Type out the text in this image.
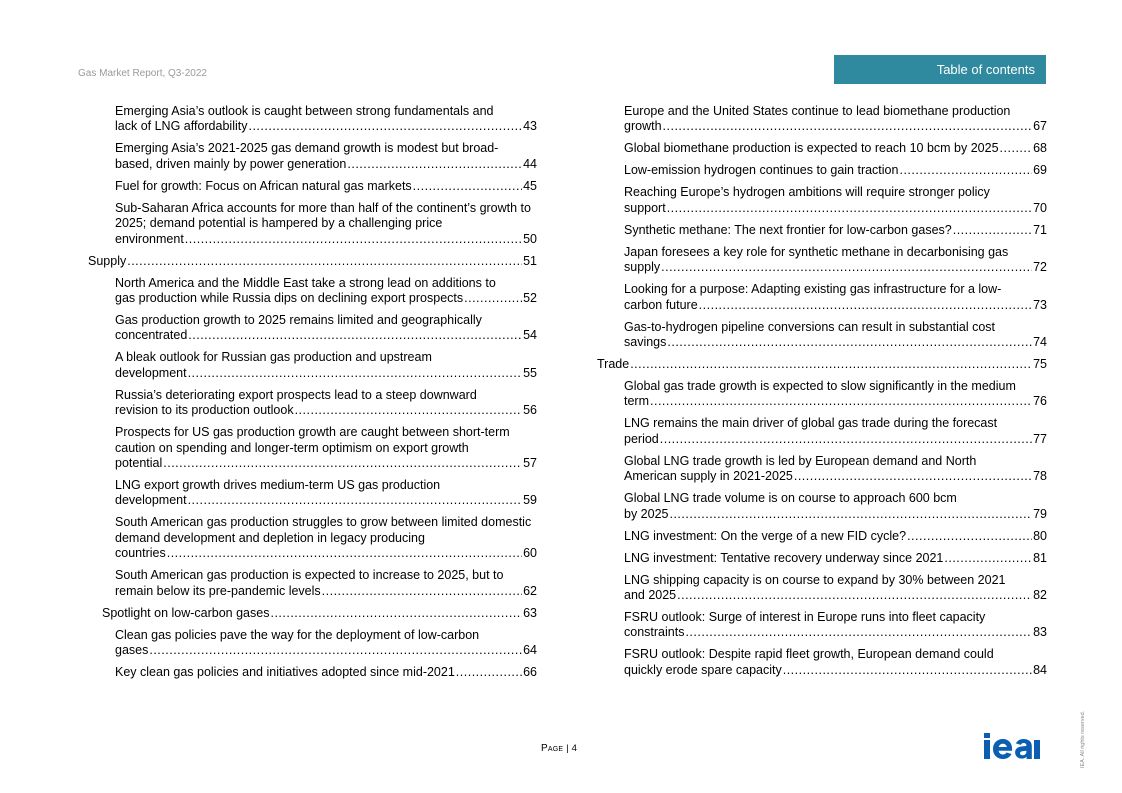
Gas Market Report, Q3-2022	Table of contents
Emerging Asia’s outlook is caught between strong fundamentals and
lack of LNG affordability .....	43
Emerging Asia’s 2021-2025 gas demand growth is modest but broad-
based, driven mainly by power generation .....	44
Fuel for growth: Focus on African natural gas markets .....	45
Sub-Saharan Africa accounts for more than half of the continent’s growth to 2025; demand potential is hampered by a challenging price
environment .....	50
Supply .....	51
North America and the Middle East take a strong lead on additions to
gas production while Russia dips on declining export prospects .....	52
Gas production growth to 2025 remains limited and geographically
concentrated .....	54
A bleak outlook for Russian gas production and upstream
development .....	55
Russia’s deteriorating export prospects lead to a steep downward
revision to its production outlook .....	56
Prospects for US gas production growth are caught between short-term caution on spending and longer-term optimism on export growth
potential .....	57
LNG export growth drives medium-term US gas production
development .....	59
South American gas production struggles to grow between limited domestic demand development and depletion in legacy producing
countries .....	60
South American gas production is expected to increase to 2025, but to
remain below its pre-pandemic levels .....	62
Spotlight on low-carbon gases .....	63
Clean gas policies pave the way for the deployment of low-carbon
gases .....	64
Key clean gas policies and initiatives adopted since mid-2021 .....	66
Europe and the United States continue to lead biomethane production
growth .....	67
Global biomethane production is expected to reach 10 bcm by 2025 .....	68
Low-emission hydrogen continues to gain traction .....	69
Reaching Europe’s hydrogen ambitions will require stronger policy
support .....	70
Synthetic methane: The next frontier for low-carbon gases? .....	71
Japan foresees a key role for synthetic methane in decarbonising gas
supply .....	72
Looking for a purpose: Adapting existing gas infrastructure for a low-
carbon future .....	73
Gas-to-hydrogen pipeline conversions can result in substantial cost
savings .....	74
Trade .....	75
Global gas trade growth is expected to slow significantly in the medium
term .....	76
LNG remains the main driver of global gas trade during the forecast
period .....	77
Global LNG trade growth is led by European demand and North
American supply in 2021-2025 .....	78
Global LNG trade volume is on course to approach 600 bcm
by 2025 .....	79
LNG investment: On the verge of a new FID cycle? .....	80
LNG investment: Tentative recovery underway since 2021 .....	81
LNG shipping capacity is on course to expand by 30% between 2021
and 2025 .....	82
FSRU outlook: Surge of interest in Europe runs into fleet capacity
constraints .....	83
FSRU outlook: Despite rapid fleet growth, European demand could
quickly erode spare capacity .....	84
Page | 4	IEA. All rights reserved.
